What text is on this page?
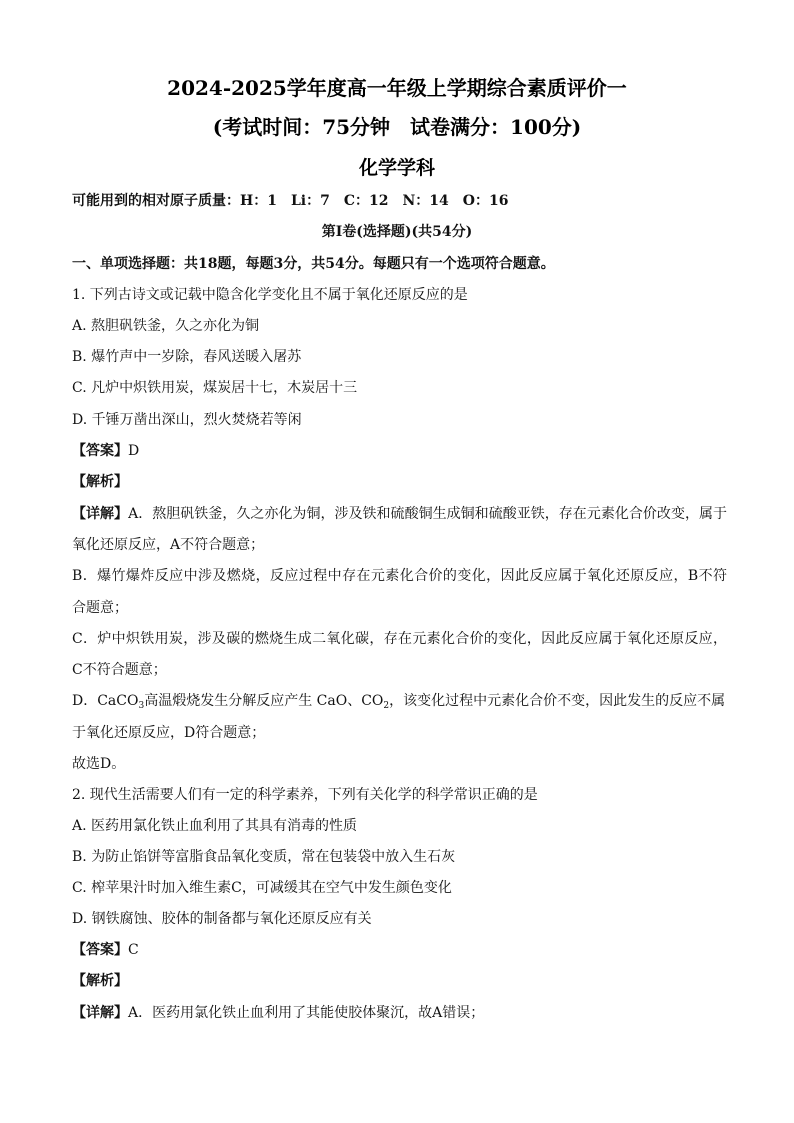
2024-2025学年度高一年级上学期综合素质评价一
(考试时间：75分钟　试卷满分：100分)
化学学科
可能用到的相对原子质量：H：1　Li：7　C：12　N：14　O：16
第Ⅰ卷(选择题)(共54分)
一、单项选择题：共18题，每题3分，共54分。每题只有一个选项符合题意。
1. 下列古诗文或记载中隐含化学变化且不属于氧化还原反应的是
A. 熬胆矾铁釜，久之亦化为铜
B. 爆竹声中一岁除，春风送暖入屠苏
C. 凡炉中炽铁用炭，煤炭居十七，木炭居十三
D. 千锤万凿出深山，烈火焚烧若等闲
【答案】D
【解析】
【详解】A．熬胆矾铁釜，久之亦化为铜，涉及铁和硫酸铜生成铜和硫酸亚铁，存在元素化合价改变，属于
氧化还原反应，A不符合题意；
B．爆竹爆炸反应中涉及燃烧，反应过程中存在元素化合价的变化，因此反应属于氧化还原反应，B不符
合题意；
C．炉中炽铁用炭，涉及碳的燃烧生成二氧化碳，存在元素化合价的变化，因此反应属于氧化还原反应，
C不符合题意；
D．CaCO$_3$高温煅烧发生分解反应产生 CaO、$CO_2$，该变化过程中元素化合价不变，因此发生的反应不属
于氧化还原反应，D符合题意；
故选D。
2. 现代生活需要人们有一定的科学素养，下列有关化学的科学常识正确的是
A. 医药用氯化铁止血利用了其具有消毒的性质
B. 为防止馅饼等富脂食品氧化变质，常在包装袋中放入生石灰
C. 榨苹果汁时加入维生素C，可减缓其在空气中发生颜色变化
D. 钢铁腐蚀、胶体的制备都与氧化还原反应有关
【答案】C
【解析】
【详解】A．医药用氯化铁止血利用了其能使胶体聚沉，故A错误；
